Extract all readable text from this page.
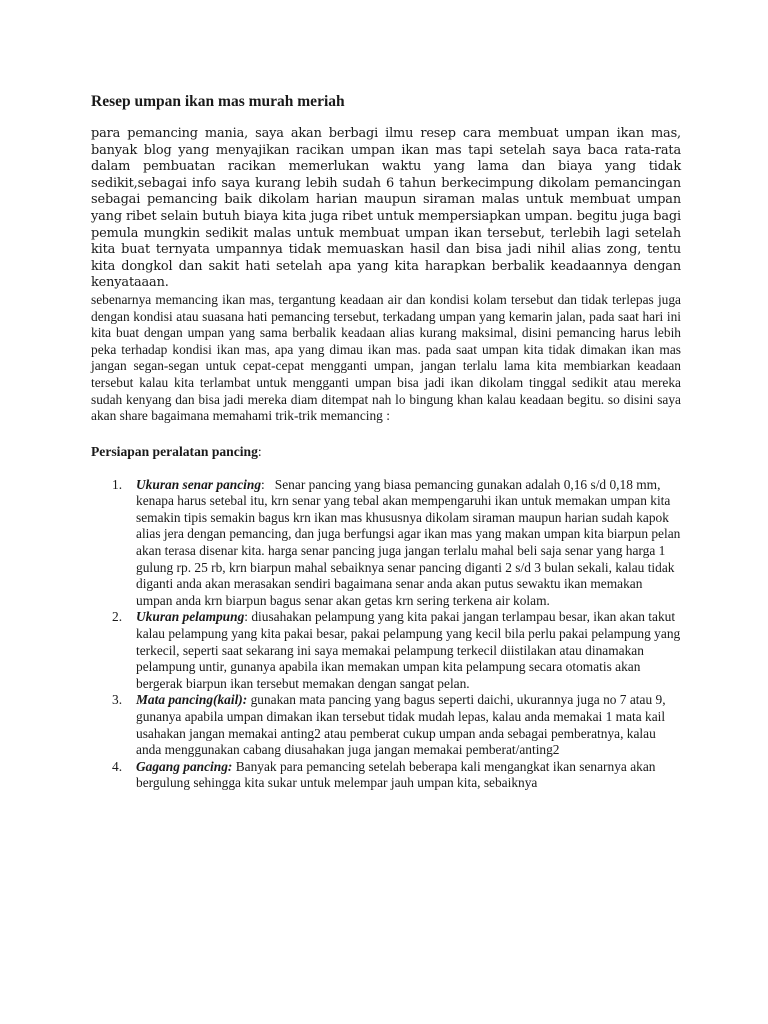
Resep umpan ikan mas murah meriah

para pemancing mania, saya akan berbagi ilmu resep cara membuat umpan ikan mas, banyak blog yang menyajikan racikan umpan ikan mas tapi setelah saya baca rata-rata dalam pembuatan racikan memerlukan waktu yang lama dan biaya yang tidak sedikit,sebagai info saya kurang lebih sudah 6 tahun berkecimpung dikolam pemancingan sebagai pemancing baik dikolam harian maupun siraman malas untuk membuat umpan yang ribet selain butuh biaya kita juga ribet untuk mempersiapkan umpan. begitu juga bagi pemula mungkin sedikit malas untuk membuat umpan ikan tersebut, terlebih lagi setelah kita buat ternyata umpannya tidak memuaskan hasil dan bisa jadi nihil alias zong, tentu kita dongkol dan sakit hati setelah apa yang kita harapkan berbalik keadaannya dengan kenyataaan.

sebenarnya memancing ikan mas, tergantung keadaan air dan kondisi kolam tersebut dan tidak terlepas juga dengan kondisi atau suasana hati pemancing tersebut, terkadang umpan yang kemarin jalan, pada saat hari ini kita buat dengan umpan yang sama berbalik keadaan alias kurang maksimal, disini pemancing harus lebih peka terhadap kondisi ikan mas, apa yang dimau ikan mas. pada saat umpan kita tidak dimakan ikan mas jangan segan-segan untuk cepat-cepat mengganti umpan, jangan terlalu lama kita membiarkan keadaan tersebut kalau kita terlambat untuk mengganti umpan bisa jadi ikan dikolam tinggal sedikit atau mereka sudah kenyang dan bisa jadi mereka diam ditempat nah lo bingung khan kalau keadaan begitu. so disini saya akan share bagaimana memahami trik-trik memancing :

Persiapan peralatan pancing:
1. Ukuran senar pancing:   Senar pancing yang biasa pemancing gunakan adalah 0,16 s/d 0,18 mm, kenapa harus setebal itu, krn senar yang tebal akan mempengaruhi ikan untuk memakan umpan kita semakin tipis semakin bagus krn ikan mas khususnya dikolam siraman maupun harian sudah kapok alias jera dengan pemancing, dan juga berfungsi agar ikan mas yang makan umpan kita biarpun pelan akan terasa disenar kita. harga senar pancing juga jangan terlalu mahal beli saja senar yang harga 1 gulung rp. 25 rb, krn biarpun mahal sebaiknya senar pancing diganti 2 s/d 3 bulan sekali, kalau tidak diganti anda akan merasakan sendiri bagaimana senar anda akan putus sewaktu ikan memakan umpan anda krn biarpun bagus senar akan getas krn sering terkena air kolam.
2. Ukuran pelampung: diusahakan pelampung yang kita pakai jangan terlampau besar, ikan akan takut kalau pelampung yang kita pakai besar, pakai pelampung yang kecil bila perlu pakai pelampung yang terkecil, seperti saat sekarang ini saya memakai pelampung terkecil diistilakan atau dinamakan pelampung untir, gunanya apabila ikan memakan umpan kita pelampung secara otomatis akan bergerak biarpun ikan tersebut memakan dengan sangat pelan.
3. Mata pancing(kail): gunakan mata pancing yang bagus seperti daichi, ukurannya juga no 7 atau 9, gunanya apabila umpan dimakan ikan tersebut tidak mudah lepas, kalau anda memakai 1 mata kail usahakan jangan memakai anting2 atau pemberat cukup umpan anda sebagai pemberatnya, kalau anda menggunakan cabang diusahakan juga jangan memakai pemberat/anting2
4. Gagang pancing: Banyak para pemancing setelah beberapa kali mengangkat ikan senarnya akan bergulung sehingga kita sukar untuk melempar jauh umpan kita, sebaiknya
